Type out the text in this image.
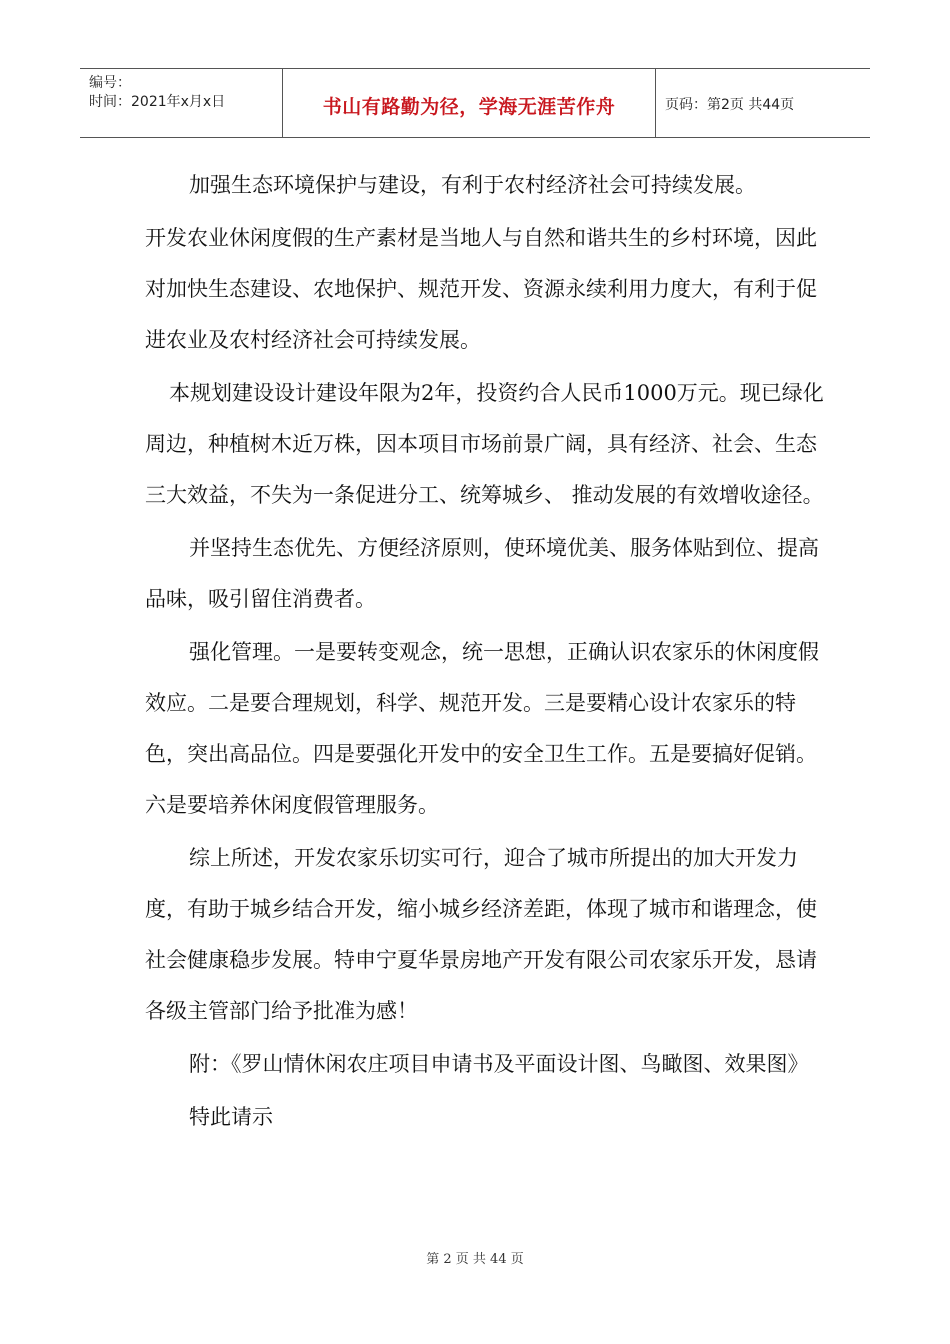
编号：
时间：2021年x月x日	书山有路勤为径，学海无涯苦作舟	页码：第2页 共44页

加强生态环境保护与建设，有利于农村经济社会可持续发展。

开发农业休闲度假的生产素材是当地人与自然和谐共生的乡村环境，因此对加快生态建设、农地保护、规范开发、资源永续利用力度大，有利于促进农业及农村经济社会可持续发展。

本规划建设设计建设年限为2年，投资约合人民币1000万元。现已绿化周边，种植树木近万株，因本项目市场前景广阔，具有经济、社会、生态三大效益，不失为一条促进分工、统筹城乡、 推动发展的有效增收途径。

并坚持生态优先、方便经济原则，使环境优美、服务体贴到位、提高品味，吸引留住消费者。

强化管理。一是要转变观念，统一思想，正确认识农家乐的休闲度假效应。二是要合理规划，科学、规范开发。三是要精心设计农家乐的特色，突出高品位。四是要强化开发中的安全卫生工作。五是要搞好促销。六是要培养休闲度假管理服务。

综上所述，开发农家乐切实可行，迎合了城市所提出的加大开发力度，有助于城乡结合开发，缩小城乡经济差距，体现了城市和谐理念，使社会健康稳步发展。特申宁夏华景房地产开发有限公司农家乐开发，恳请各级主管部门给予批准为感！

附：《罗山情休闲农庄项目申请书及平面设计图、鸟瞰图、效果图》

特此请示

第 2 页 共 44 页
